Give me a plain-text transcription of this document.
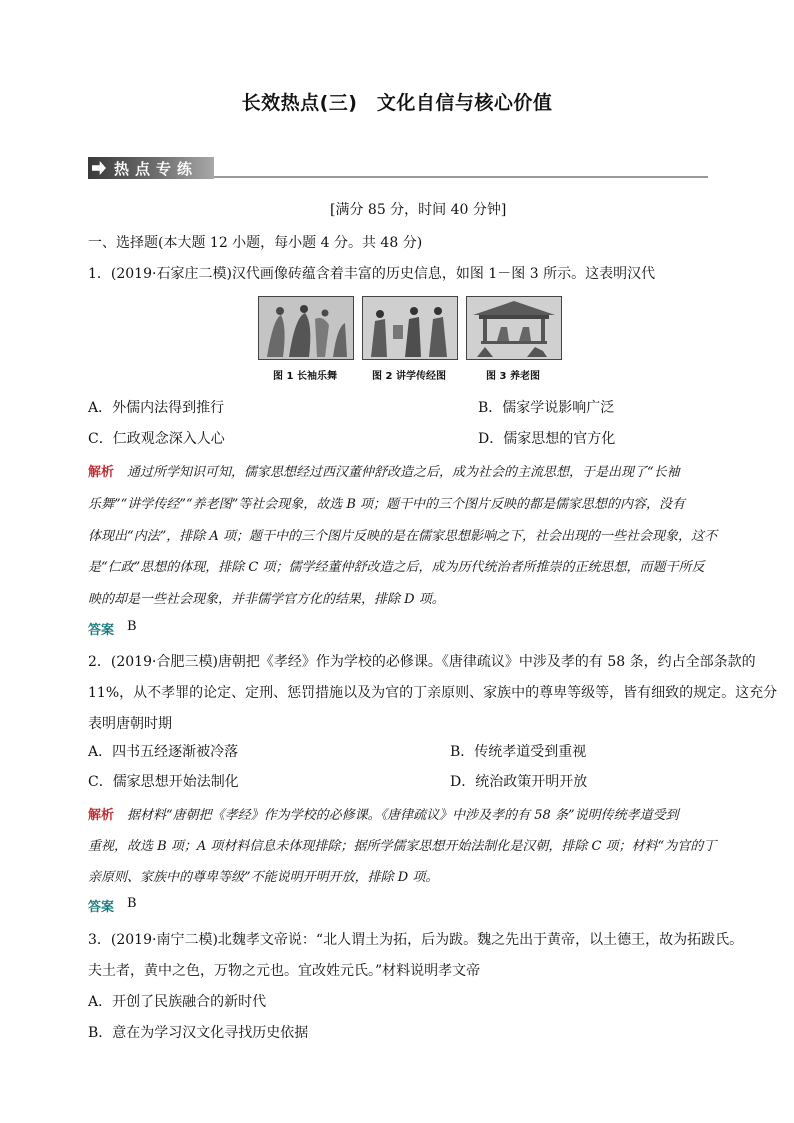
长效热点(三)　文化自信与核心价值
热点专练
[满分 85 分，时间 40 分钟]
一、选择题(本大题 12 小题，每小题 4 分。共 48 分)
1．(2019·石家庄二模)汉代画像砖蕴含着丰富的历史信息，如图 1－图 3 所示。这表明汉代
图 1 长袖乐舞	图 2 讲学传经图	图 3 养老图
A．外儒内法得到推行	B．儒家学说影响广泛
C．仁政观念深入人心	D．儒家思想的官方化
解析 通过所学知识可知，儒家思想经过西汉董仲舒改造之后，成为社会的主流思想，于是出现了“长袖
乐舞”“讲学传经”“养老图”等社会现象，故选 B 项；题干中的三个图片反映的都是儒家思想的内容，没有
体现出“内法”，排除 A 项；题干中的三个图片反映的是在儒家思想影响之下，社会出现的一些社会现象，这不
是“仁政”思想的体现，排除 C 项；儒学经董仲舒改造之后，成为历代统治者所推崇的正统思想，而题干所反
映的却是一些社会现象，并非儒学官方化的结果，排除 D 项。
答案 B
2．(2019·合肥三模)唐朝把《孝经》作为学校的必修课。《唐律疏议》中涉及孝的有 58 条，约占全部条款的
11%，从不孝罪的论定、定刑、惩罚措施以及为官的丁亲原则、家族中的尊卑等级等，皆有细致的规定。这充分
表明唐朝时期
A．四书五经逐渐被冷落	B．传统孝道受到重视
C．儒家思想开始法制化	D．统治政策开明开放
解析 据材料“唐朝把《孝经》作为学校的必修课。《唐律疏议》中涉及孝的有 58 条”说明传统孝道受到
重视，故选 B 项；A 项材料信息未体现排除；据所学儒家思想开始法制化是汉朝，排除 C 项；材料“为官的丁
亲原则、家族中的尊卑等级”不能说明开明开放，排除 D 项。
答案 B
3．(2019·南宁二模)北魏孝文帝说：“北人谓土为拓，后为跋。魏之先出于黄帝，以土德王，故为拓跋氏。
夫土者，黄中之色，万物之元也。宜改姓元氏。”材料说明孝文帝
A．开创了民族融合的新时代
B．意在为学习汉文化寻找历史依据
